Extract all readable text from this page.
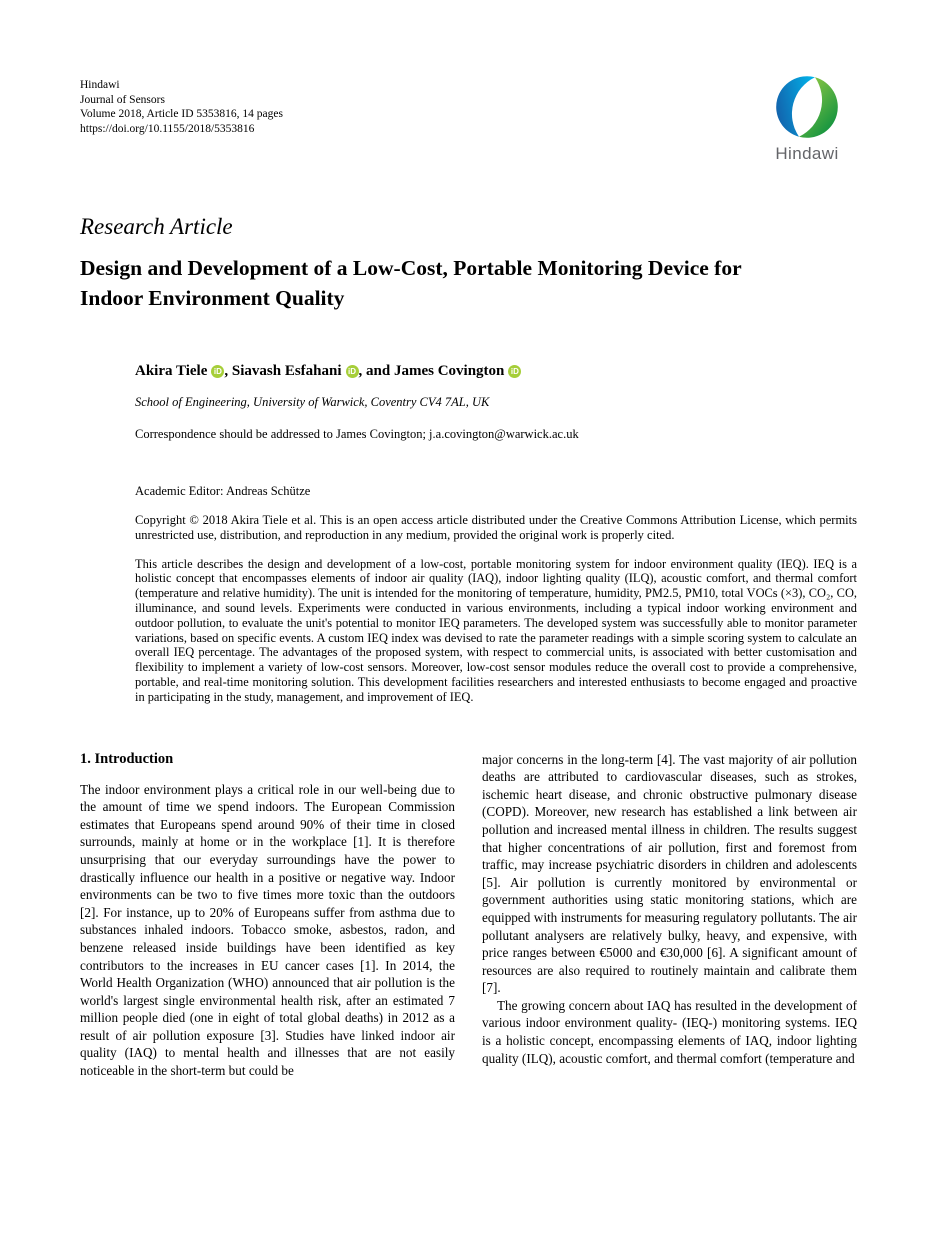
Hindawi
Journal of Sensors
Volume 2018, Article ID 5353816, 14 pages
https://doi.org/10.1155/2018/5353816
Hindawi
Research Article
Design and Development of a Low-Cost, Portable Monitoring Device for Indoor Environment Quality
Akira Tiele iD , Siavash Esfahani iD , and James Covington iD
School of Engineering, University of Warwick, Coventry CV4 7AL, UK
Correspondence should be addressed to James Covington; j.a.covington@warwick.ac.uk
Academic Editor: Andreas Schütze
Copyright © 2018 Akira Tiele et al. This is an open access article distributed under the Creative Commons Attribution License, which permits unrestricted use, distribution, and reproduction in any medium, provided the original work is properly cited.
This article describes the design and development of a low-cost, portable monitoring system for indoor environment quality (IEQ). IEQ is a holistic concept that encompasses elements of indoor air quality (IAQ), indoor lighting quality (ILQ), acoustic comfort, and thermal comfort (temperature and relative humidity). The unit is intended for the monitoring of temperature, humidity, PM2.5, PM10, total VOCs (×3), CO₂, CO, illuminance, and sound levels. Experiments were conducted in various environments, including a typical indoor working environment and outdoor pollution, to evaluate the unit's potential to monitor IEQ parameters. The developed system was successfully able to monitor parameter variations, based on specific events. A custom IEQ index was devised to rate the parameter readings with a simple scoring system to calculate an overall IEQ percentage. The advantages of the proposed system, with respect to commercial units, is associated with better customisation and flexibility to implement a variety of low-cost sensors. Moreover, low-cost sensor modules reduce the overall cost to provide a comprehensive, portable, and real-time monitoring solution. This development facilities researchers and interested enthusiasts to become engaged and proactive in participating in the study, management, and improvement of IEQ.
1. Introduction

The indoor environment plays a critical role in our well-being due to the amount of time we spend indoors. The European Commission estimates that Europeans spend around 90% of their time in closed surrounds, mainly at home or in the workplace [1]. It is therefore unsurprising that our everyday surroundings have the power to drastically influence our health in a positive or negative way. Indoor environments can be two to five times more toxic than the outdoors [2]. For instance, up to 20% of Europeans suffer from asthma due to substances inhaled indoors. Tobacco smoke, asbestos, radon, and benzene released inside buildings have been identified as key contributors to the increases in EU cancer cases [1]. In 2014, the World Health Organization (WHO) announced that air pollution is the world's largest single environmental health risk, after an estimated 7 million people died (one in eight of total global deaths) in 2012 as a result of air pollution exposure [3]. Studies have linked indoor air quality (IAQ) to mental health and illnesses that are not easily noticeable in the short-term but could be

major concerns in the long-term [4]. The vast majority of air pollution deaths are attributed to cardiovascular diseases, such as strokes, ischemic heart disease, and chronic obstructive pulmonary disease (COPD). Moreover, new research has established a link between air pollution and increased mental illness in children. The results suggest that higher concentrations of air pollution, first and foremost from traffic, may increase psychiatric disorders in children and adolescents [5]. Air pollution is currently monitored by environmental or government authorities using static monitoring stations, which are equipped with instruments for measuring regulatory pollutants. The air pollutant analysers are relatively bulky, heavy, and expensive, with price ranges between €5000 and €30,000 [6]. A significant amount of resources are also required to routinely maintain and calibrate them [7].

The growing concern about IAQ has resulted in the development of various indoor environment quality- (IEQ-) monitoring systems. IEQ is a holistic concept, encompassing elements of IAQ, indoor lighting quality (ILQ), acoustic comfort, and thermal comfort (temperature and
